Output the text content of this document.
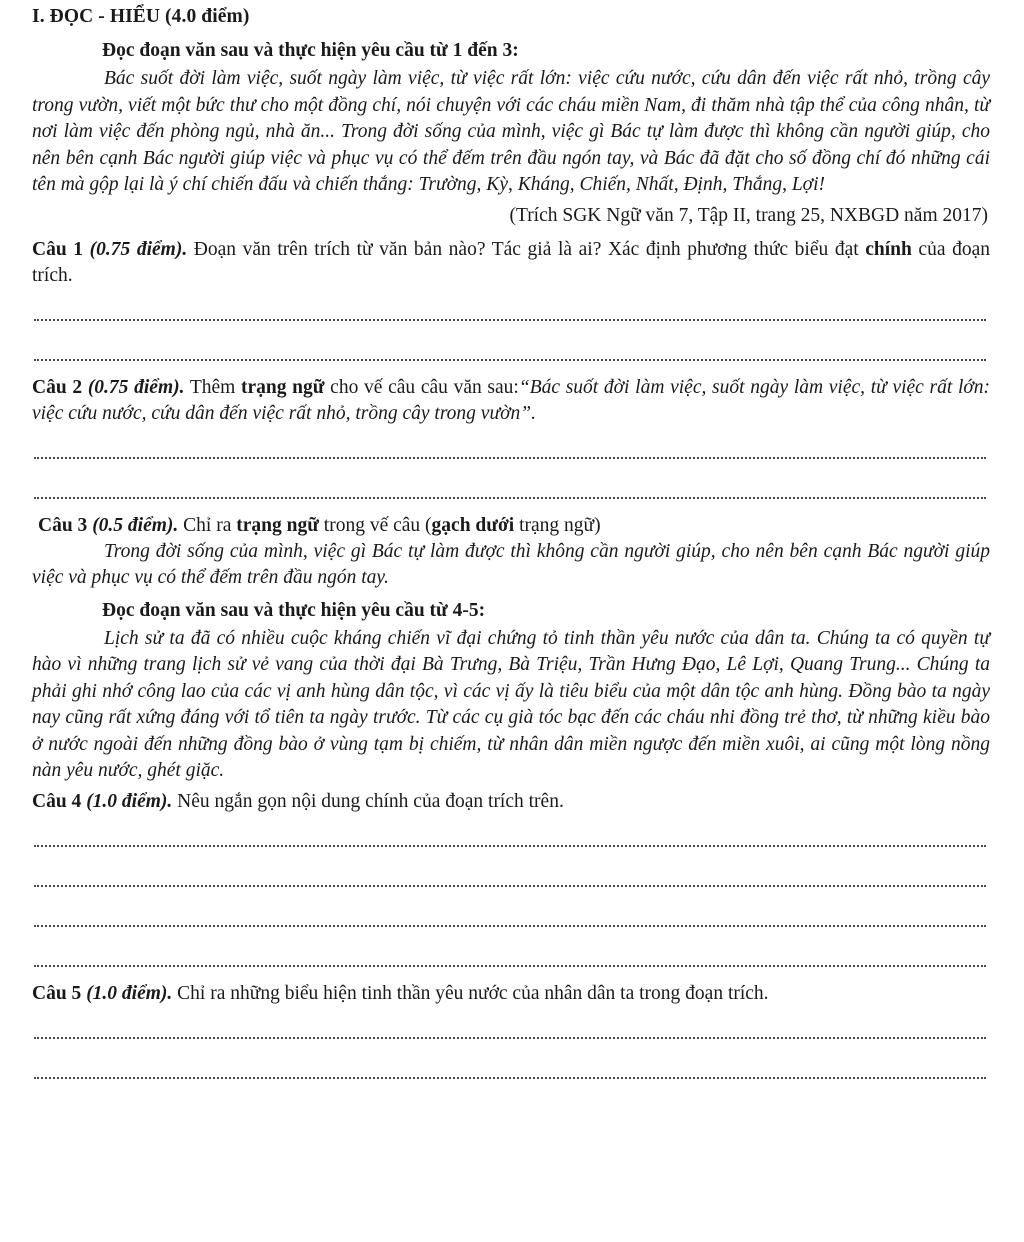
I. ĐỌC - HIỂU (4.0 điểm)
Đọc đoạn văn sau và thực hiện yêu cầu từ 1 đến 3:

Bác suốt đời làm việc, suốt ngày làm việc, từ việc rất lớn: việc cứu nước, cứu dân đến việc rất nhỏ, trồng cây trong vườn, viết một bức thư cho một đồng chí, nói chuyện với các cháu miền Nam, đi thăm nhà tập thể của công nhân, từ nơi làm việc đến phòng ngủ, nhà ăn... Trong đời sống của mình, việc gì Bác tự làm được thì không cần người giúp, cho nên bên cạnh Bác người giúp việc và phục vụ có thể đếm trên đầu ngón tay, và Bác đã đặt cho số đồng chí đó những cái tên mà gộp lại là ý chí chiến đấu và chiến thắng: Trường, Kỳ, Kháng, Chiến, Nhất, Định, Thắng, Lợi!

(Trích SGK Ngữ văn 7, Tập II, trang 25, NXBGD năm 2017)

Câu 1 (0.75 điểm). Đoạn văn trên trích từ văn bản nào? Tác giả là ai? Xác định phương thức biểu đạt chính của đoạn trích.

Câu 2 (0.75 điểm). Thêm trạng ngữ cho vế câu câu văn sau:“Bác suốt đời làm việc, suốt ngày làm việc, từ việc rất lớn: việc cứu nước, cứu dân đến việc rất nhỏ, trồng cây trong vườn”.

Câu 3 (0.5 điểm). Chỉ ra trạng ngữ trong vế câu (gạch dưới trạng ngữ)

Trong đời sống của mình, việc gì Bác tự làm được thì không cần người giúp, cho nên bên cạnh Bác người giúp việc và phục vụ có thể đếm trên đầu ngón tay.

Đọc đoạn văn sau và thực hiện yêu cầu từ 4-5:

Lịch sử ta đã có nhiều cuộc kháng chiến vĩ đại chứng tỏ tinh thần yêu nước của dân ta. Chúng ta có quyền tự hào vì những trang lịch sử vẻ vang của thời đại Bà Trưng, Bà Triệu, Trần Hưng Đạo, Lê Lợi, Quang Trung... Chúng ta phải ghi nhớ công lao của các vị anh hùng dân tộc, vì các vị ấy là tiêu biểu của một dân tộc anh hùng. Đồng bào ta ngày nay cũng rất xứng đáng với tổ tiên ta ngày trước. Từ các cụ già tóc bạc đến các cháu nhi đồng trẻ thơ, từ những kiều bào ở nước ngoài đến những đồng bào ở vùng tạm bị chiếm, từ nhân dân miền ngược đến miền xuôi, ai cũng một lòng nồng nàn yêu nước, ghét giặc.

Câu 4 (1.0 điểm). Nêu ngắn gọn nội dung chính của đoạn trích trên.

Câu 5 (1.0 điểm). Chỉ ra những biểu hiện tinh thần yêu nước của nhân dân ta trong đoạn trích.
